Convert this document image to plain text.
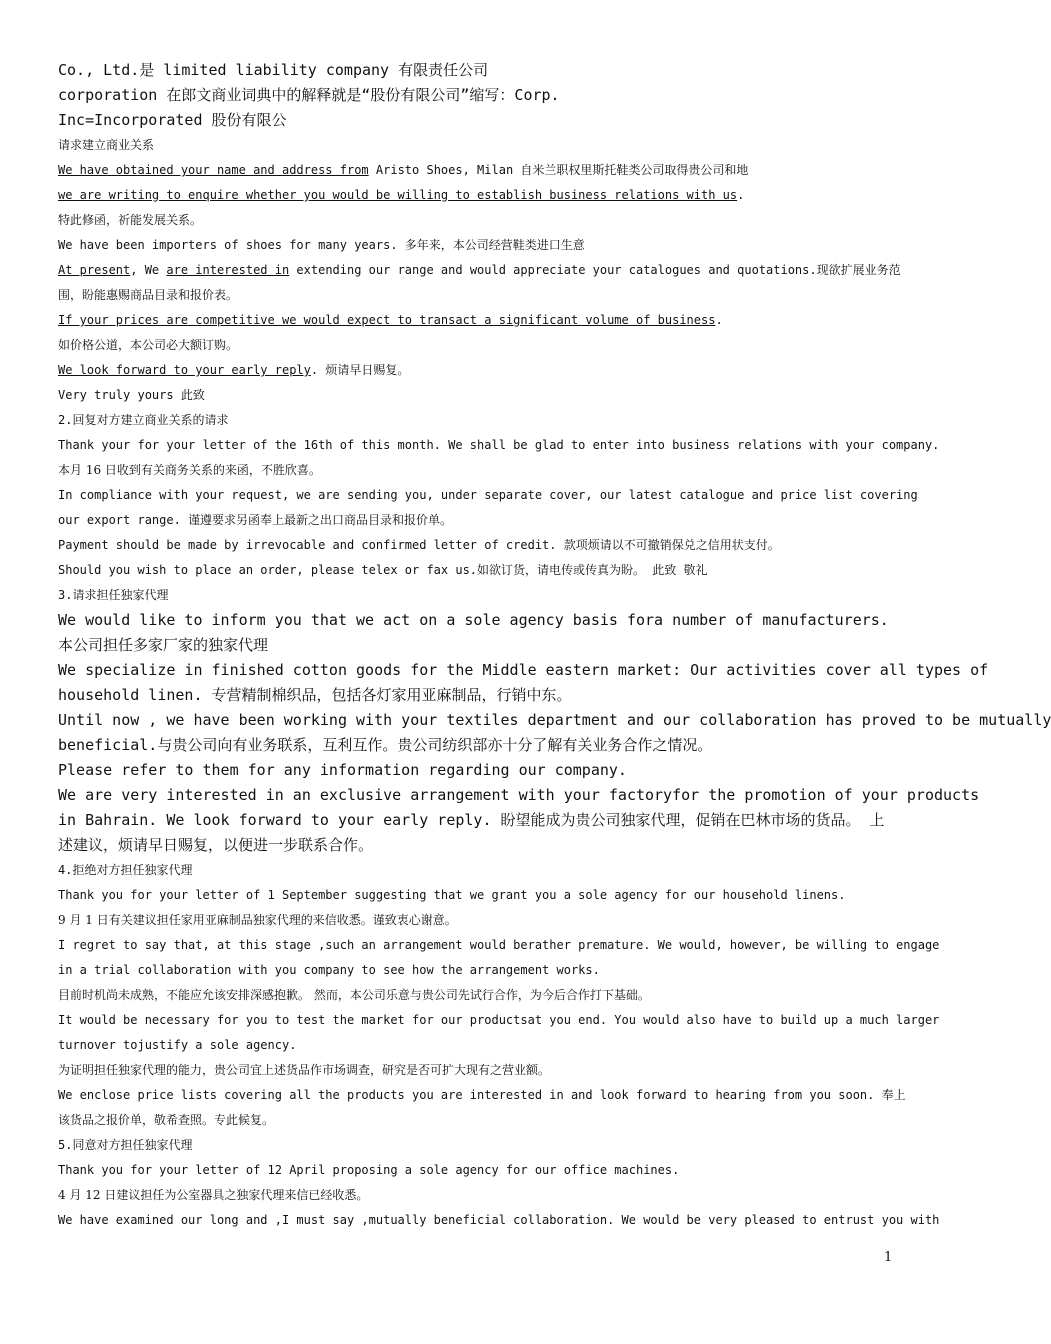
Co., Ltd.是 limited liability company 有限责任公司
corporation 在郎文商业词典中的解释就是“股份有限公司”缩写：Corp.
Inc=Incorporated 股份有限公
请求建立商业关系
We have obtained your name and address from Aristo Shoes, Milan 自米兰职权里斯托鞋类公司取得贵公司和地
we are writing to enquire whether you would be willing to establish business relations with us.
特此修函，祈能发展关系。
We have been importers of shoes for many years. 多年来，本公司经营鞋类进口生意
At present, We are interested in extending our range and would appreciate your catalogues and quotations.现欲扩展业务范
围，盼能惠赐商品目录和报价表。
If your prices are competitive we would expect to transact a significant volume of business.
如价格公道，本公司必大额订购。
We look forward to your early reply. 烦请早日赐复。
Very truly yours 此致
2.回复对方建立商业关系的请求
Thank your for your letter of the 16th of this month. We shall be glad to enter into business relations with your company.
本月 16 日收到有关商务关系的来函，不胜欣喜。
In compliance with your request, we are sending you, under separate cover, our latest catalogue and price list covering
our export range. 谨遵要求另函奉上最新之出口商品目录和报价单。
Payment should be made by irrevocable and confirmed letter of credit. 款项烦请以不可撤销保兑之信用状支付。
Should you wish to place an order, please telex or fax us.如欲订货，请电传或传真为盼。 此致 敬礼
3.请求担任独家代理
We would like to inform you that we act on a sole agency basis fora number of manufacturers.
本公司担任多家厂家的独家代理
We specialize in finished cotton goods for the Middle eastern market: Our activities cover all types of
household linen. 专营精制棉织品，包括各灯家用亚麻制品，行销中东。
Until now , we have been working with your textiles department and our collaboration has proved to be mutually
beneficial.与贵公司向有业务联系，互利互作。贵公司纺织部亦十分了解有关业务合作之情况。
Please refer to them for any information regarding our company.
We are very interested in an exclusive arrangement with your factoryfor the promotion of your products
in Bahrain. We look forward to your early reply. 盼望能成为贵公司独家代理，促销在巴林市场的货品。 上
述建议，烦请早日赐复，以便进一步联系合作。
4.拒绝对方担任独家代理
Thank you for your letter of 1 September suggesting that we grant you a sole agency for our household linens.
9 月 1 日有关建议担任家用亚麻制品独家代理的来信收悉。谨致衷心谢意。
I regret to say that, at this stage ,such an arrangement would berather premature. We would, however, be willing to engage
in a trial collaboration with you company to see how the arrangement works.
目前时机尚未成熟，不能应允该安排深感抱歉。 然而，本公司乐意与贵公司先试行合作，为今后合作打下基础。
It would be necessary for you to test the market for our productsat you end. You would also have to build up a much larger
turnover tojustify a sole agency.
为证明担任独家代理的能力，贵公司宜上述货品作市场调查，研究是否可扩大现有之营业额。
We enclose price lists covering all the products you are interested in and look forward to hearing from you soon. 奉上
该货品之报价单，敬希查照。专此候复。
5.同意对方担任独家代理
Thank you for your letter of 12 April proposing a sole agency for our office machines.
4 月 12 日建议担任为公室器具之独家代理来信已经收悉。
We have examined our long and ,I must say ,mutually beneficial collaboration. We would be very pleased to entrust you with
1
